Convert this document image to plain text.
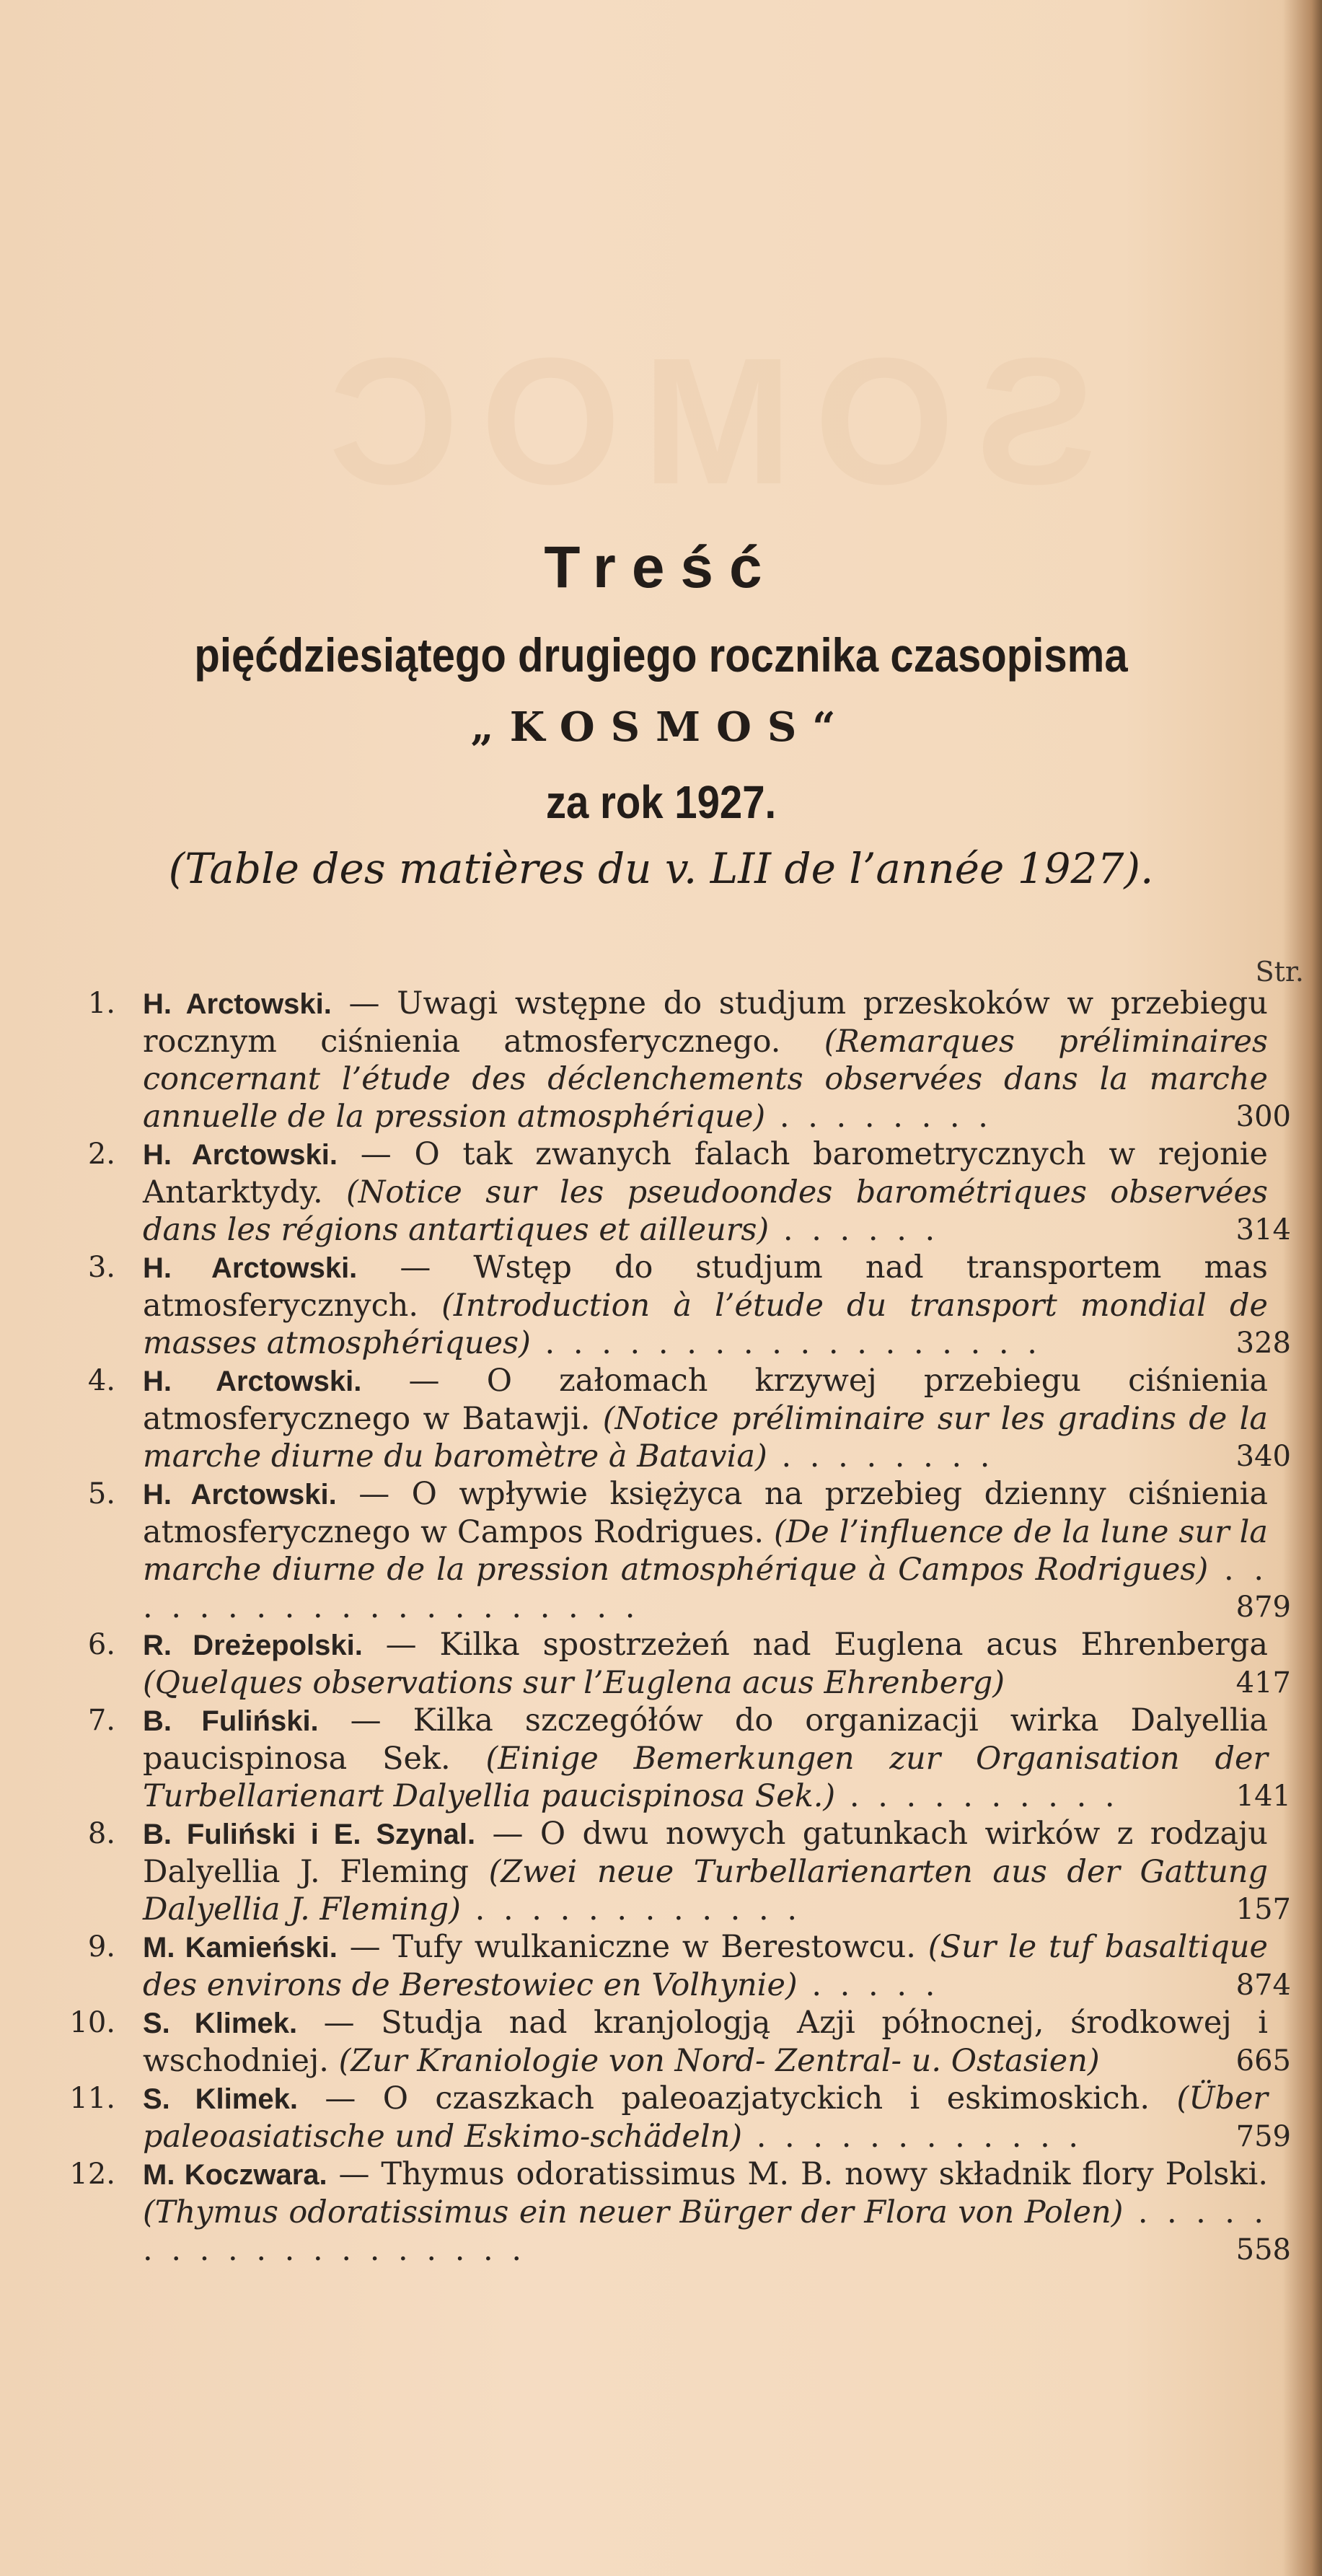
SOMOC
Treść
pięćdziesiątego drugiego rocznika czasopisma
„KOSMOS“
za rok 1927.
(Table des matières du v. LII de l’année 1927).
Str.
1. H. Arctowski. — Uwagi wstępne do studjum przeskoków w przebiegu rocznym ciśnienia atmosferycznego. (Remarques préliminaires concernant l’étude des déclenchements observées dans la marche annuelle de la pression atmosphérique) . . . . . . . .	300
2. H. Arctowski. — O tak zwanych falach barometrycznych w rejonie Antarktydy. (Notice sur les pseudoondes barométriques observées dans les régions antartiques et ailleurs) . . . . . .	314
3. H. Arctowski. — Wstęp do studjum nad transportem mas atmosferycznych. (Introduction à l’étude du transport mondial de masses atmosphériques) . . . . . . . . . . . . . . . . . .	328
4. H. Arctowski. — O załomach krzywej przebiegu ciśnienia atmosferycznego w Batawji. (Notice préliminaire sur les gradins de la marche diurne du baromètre à Batavia) . . . . . . . .	340
5. H. Arctowski. — O wpływie księżyca na przebieg dzienny ciśnienia atmosferycznego w Campos Rodrigues. (De l’influence de la lune sur la marche diurne de la pression atmosphérique à Campos Rodrigues) . . . . . . . . . . . . . . . . . . . .	879
6. R. Dreżepolski. — Kilka spostrzeżeń nad Euglena acus Ehrenberga (Quelques observations sur l’Euglena acus Ehrenberg)	417
7. B. Fuliński. — Kilka szczegółów do organizacji wirka Dalyellia paucispinosa Sek. (Einige Bemerkungen zur Organisation der Turbellarienart Dalyellia paucispinosa Sek.) . . . . . . . . . .	141
8. B. Fuliński i E. Szynal. — O dwu nowych gatunkach wirków z rodzaju Dalyellia J. Fleming (Zwei neue Turbellarienarten aus der Gattung Dalyellia J. Fleming) . . . . . . . . . . . .	157
9. M. Kamieński. — Tufy wulkaniczne w Berestowcu. (Sur le tuf basaltique des environs de Berestowiec en Volhynie) . . . . .	874
10. S. Klimek. — Studja nad kranjologją Azji północnej, środkowej i wschodniej. (Zur Kraniologie von Nord- Zentral- u. Ostasien)	665
11. S. Klimek. — O czaszkach paleoazjatyckich i eskimoskich. (Über paleoasiatische und Eskimo-schädeln) . . . . . . . . . . . .	759
12. M. Koczwara. — Thymus odoratissimus M. B. nowy składnik flory Polski. (Thymus odoratissimus ein neuer Bürger der Flora von Polen) . . . . . . . . . . . . . . . . . . .	558
